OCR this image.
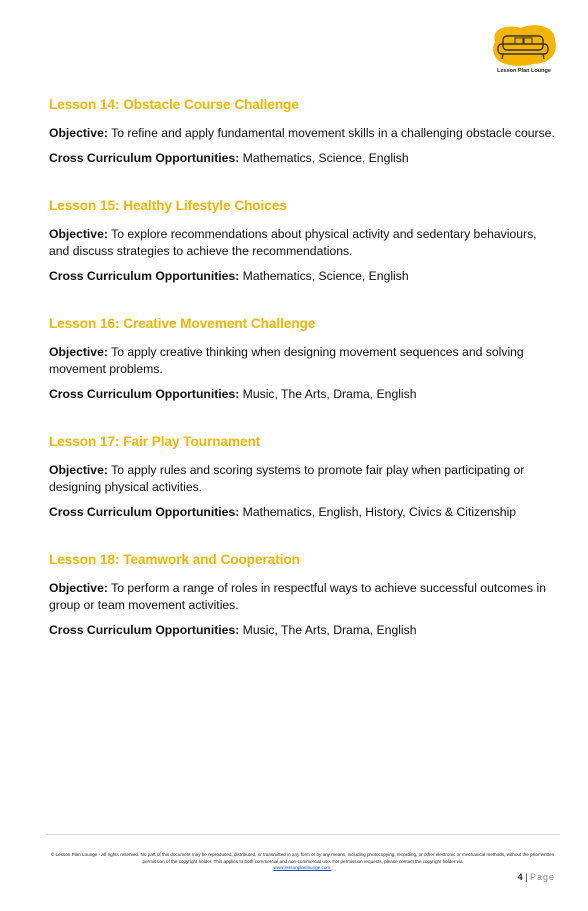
Lesson Plan Lounge
Lesson 14: Obstacle Course Challenge

Objective: To refine and apply fundamental movement skills in a challenging obstacle course.

Cross Curriculum Opportunities: Mathematics, Science, English

Lesson 15: Healthy Lifestyle Choices

Objective: To explore recommendations about physical activity and sedentary behaviours, and discuss strategies to achieve the recommendations.

Cross Curriculum Opportunities: Mathematics, Science, English

Lesson 16: Creative Movement Challenge

Objective: To apply creative thinking when designing movement sequences and solving movement problems.

Cross Curriculum Opportunities: Music, The Arts, Drama, English

Lesson 17: Fair Play Tournament

Objective: To apply rules and scoring systems to promote fair play when participating or designing physical activities.

Cross Curriculum Opportunities: Mathematics, English, History, Civics & Citizenship

Lesson 18: Teamwork and Cooperation

Objective: To perform a range of roles in respectful ways to achieve successful outcomes in group or team movement activities.

Cross Curriculum Opportunities: Music, The Arts, Drama, English

© Lesson Plan Lounge - All rights reserved. No part of this document may be reproduced, distributed, or transmitted in any form or by any means, including photocopying, recording, or other electronic or mechanical methods, without the prior written permission of the copyright holder. This applies to both commercial and non-commercial use. For permission requests, please contact the copyright holder via
www.lessonplanlounge.com.
4 | Page
